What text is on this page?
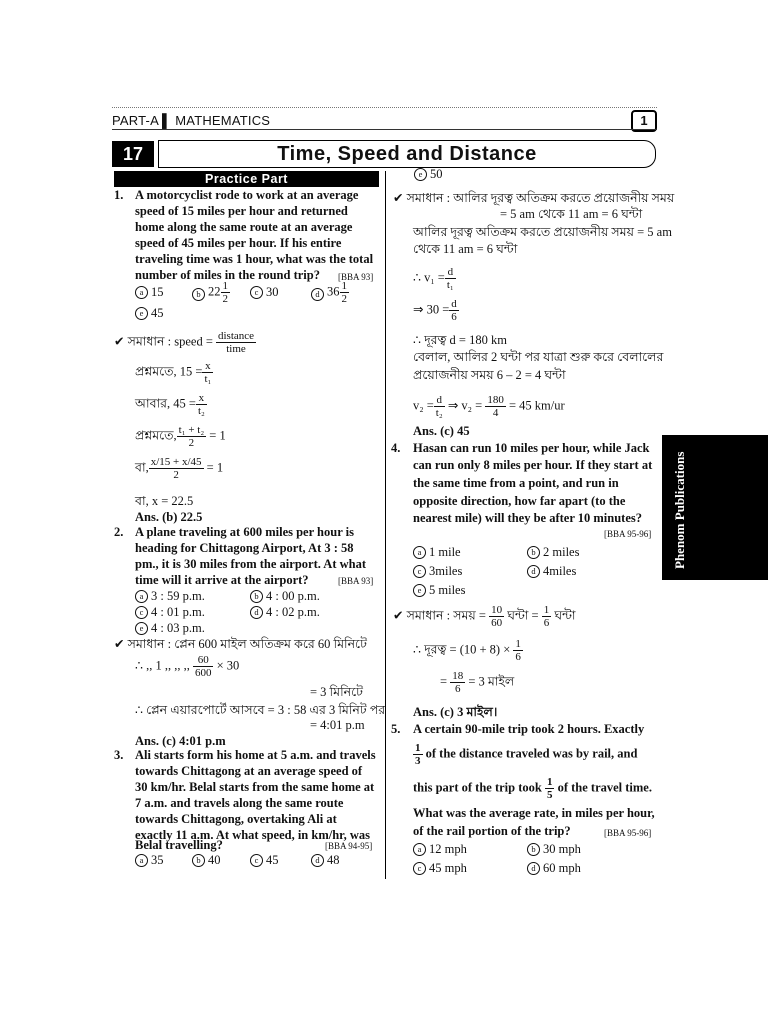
PART-A ▌ MATHEMATICS	1
17	Time, Speed and Distance
Practice Part
Phenom Publications
1. A motorcyclist rode to work at an average
speed of 15 miles per hour and returned
home along the same route at an average
speed of 45 miles per hour. If his entire
traveling time was 1 hour, what was the total
number of miles in the round trip? [BBA 93]
a 15	b $22 \frac{1}{2}$	c 30	d $36 \frac{1}{2}$
e 45
✔ সমাধান : speed = $\frac{\text{distance}}{\text{time}}$
প্রশ্নমতে, $15 = \frac{x}{\text{t₁}}$
আবার, $45 = \frac{x}{\text{t₂}}$
প্রশ্নমতে, $\frac{\text{t₁ + t₂}}{2} = 1$
বা, $\frac{x/15 + x/45}{2} = 1$
বা, x = 22.5
Ans. (b) 22.5
2. A plane traveling at 600 miles per hour is
heading for Chittagong Airport, At 3 : 58
pm., it is 30 miles from the airport. At what
time will it arrive at the airport?	[BBA 93]
a 3 : 59 p.m.	b 4 : 00 p.m.
c 4 : 01 p.m.	d 4 : 02 p.m.
e 4 : 03 p.m.
✔ সমাধান : প্লেন 600 মাইল অতিক্রম করে 60 মিনিটে
∴ ,, 1 ,, ,, ,, $\frac{60}{600} \times 30$
= 3 মিনিটে
∴ প্লেন এয়ারপোর্টে আসবে = 3 : 58 এর 3 মিনিট পর
= 4:01 p.m
Ans. (c) 4:01 p.m
3. Ali starts form his home at 5 a.m. and travels
towards Chittagong at an average speed of
30 km/hr. Belal starts from the same home at
7 a.m. and travels along the same route
towards Chittagong, overtaking Ali at
exactly 11 a.m. At what speed, in km/hr, was
Belal travelling?	[BBA 94-95]
a 35	b 40	c 45	d 48
e 50
✔ সমাধান : আলির দূরত্ব অতিক্রম করতে প্রয়োজনীয় সময়
= 5 am থেকে 11 am = 6 ঘন্টা
আলির দূরত্ব অতিক্রম করতে প্রয়োজনীয় সময় = 5 am
থেকে 11 am = 6 ঘন্টা
∴ $v_1 = \frac{d}{\text{t₁}}$
⇒ $30 = \frac{d}{6}$
∴ দূরত্ব d = 180 km
বেলাল, আলির 2 ঘন্টা পর যাত্রা শুরু করে বেলালের
প্রয়োজনীয় সময় 6 – 2 = 4 ঘন্টা
$v_2 = \frac{d}{\text{t₂}}$ ⇒ $v_2 = \frac{180}{4} = 45$ km/ur
Ans. (c) 45
4. Hasan can run 10 miles per hour, while Jack
can run only 8 miles per hour. If they start at
the same time from a point, and run in
opposite direction, how far apart (to the
nearest mile) will they be after 10 minutes?
[BBA 95-96]
a 1 mile	b 2 miles
c 3miles	d 4miles
e 5 miles
✔ সমাধান : সময় = $\frac{10}{60}$ ঘন্টা = $\frac{1}{6}$ ঘন্টা
∴ দূরত্ব = $(10 + 8) \times \frac{1}{6}$
= $\frac{18}{6} = 3$ মাইল
Ans. (c) 3 মাইল।
5. A certain 90-mile trip took 2 hours. Exactly
$\frac{1}{3}$ of the distance traveled was by rail, and
this part of the trip took $\frac{1}{5}$ of the travel time.
What was the average rate, in miles per hour,
of the rail portion of the trip?	[BBA 95-96]
a 12 mph	b 30 mph
c 45 mph	d 60 mph
